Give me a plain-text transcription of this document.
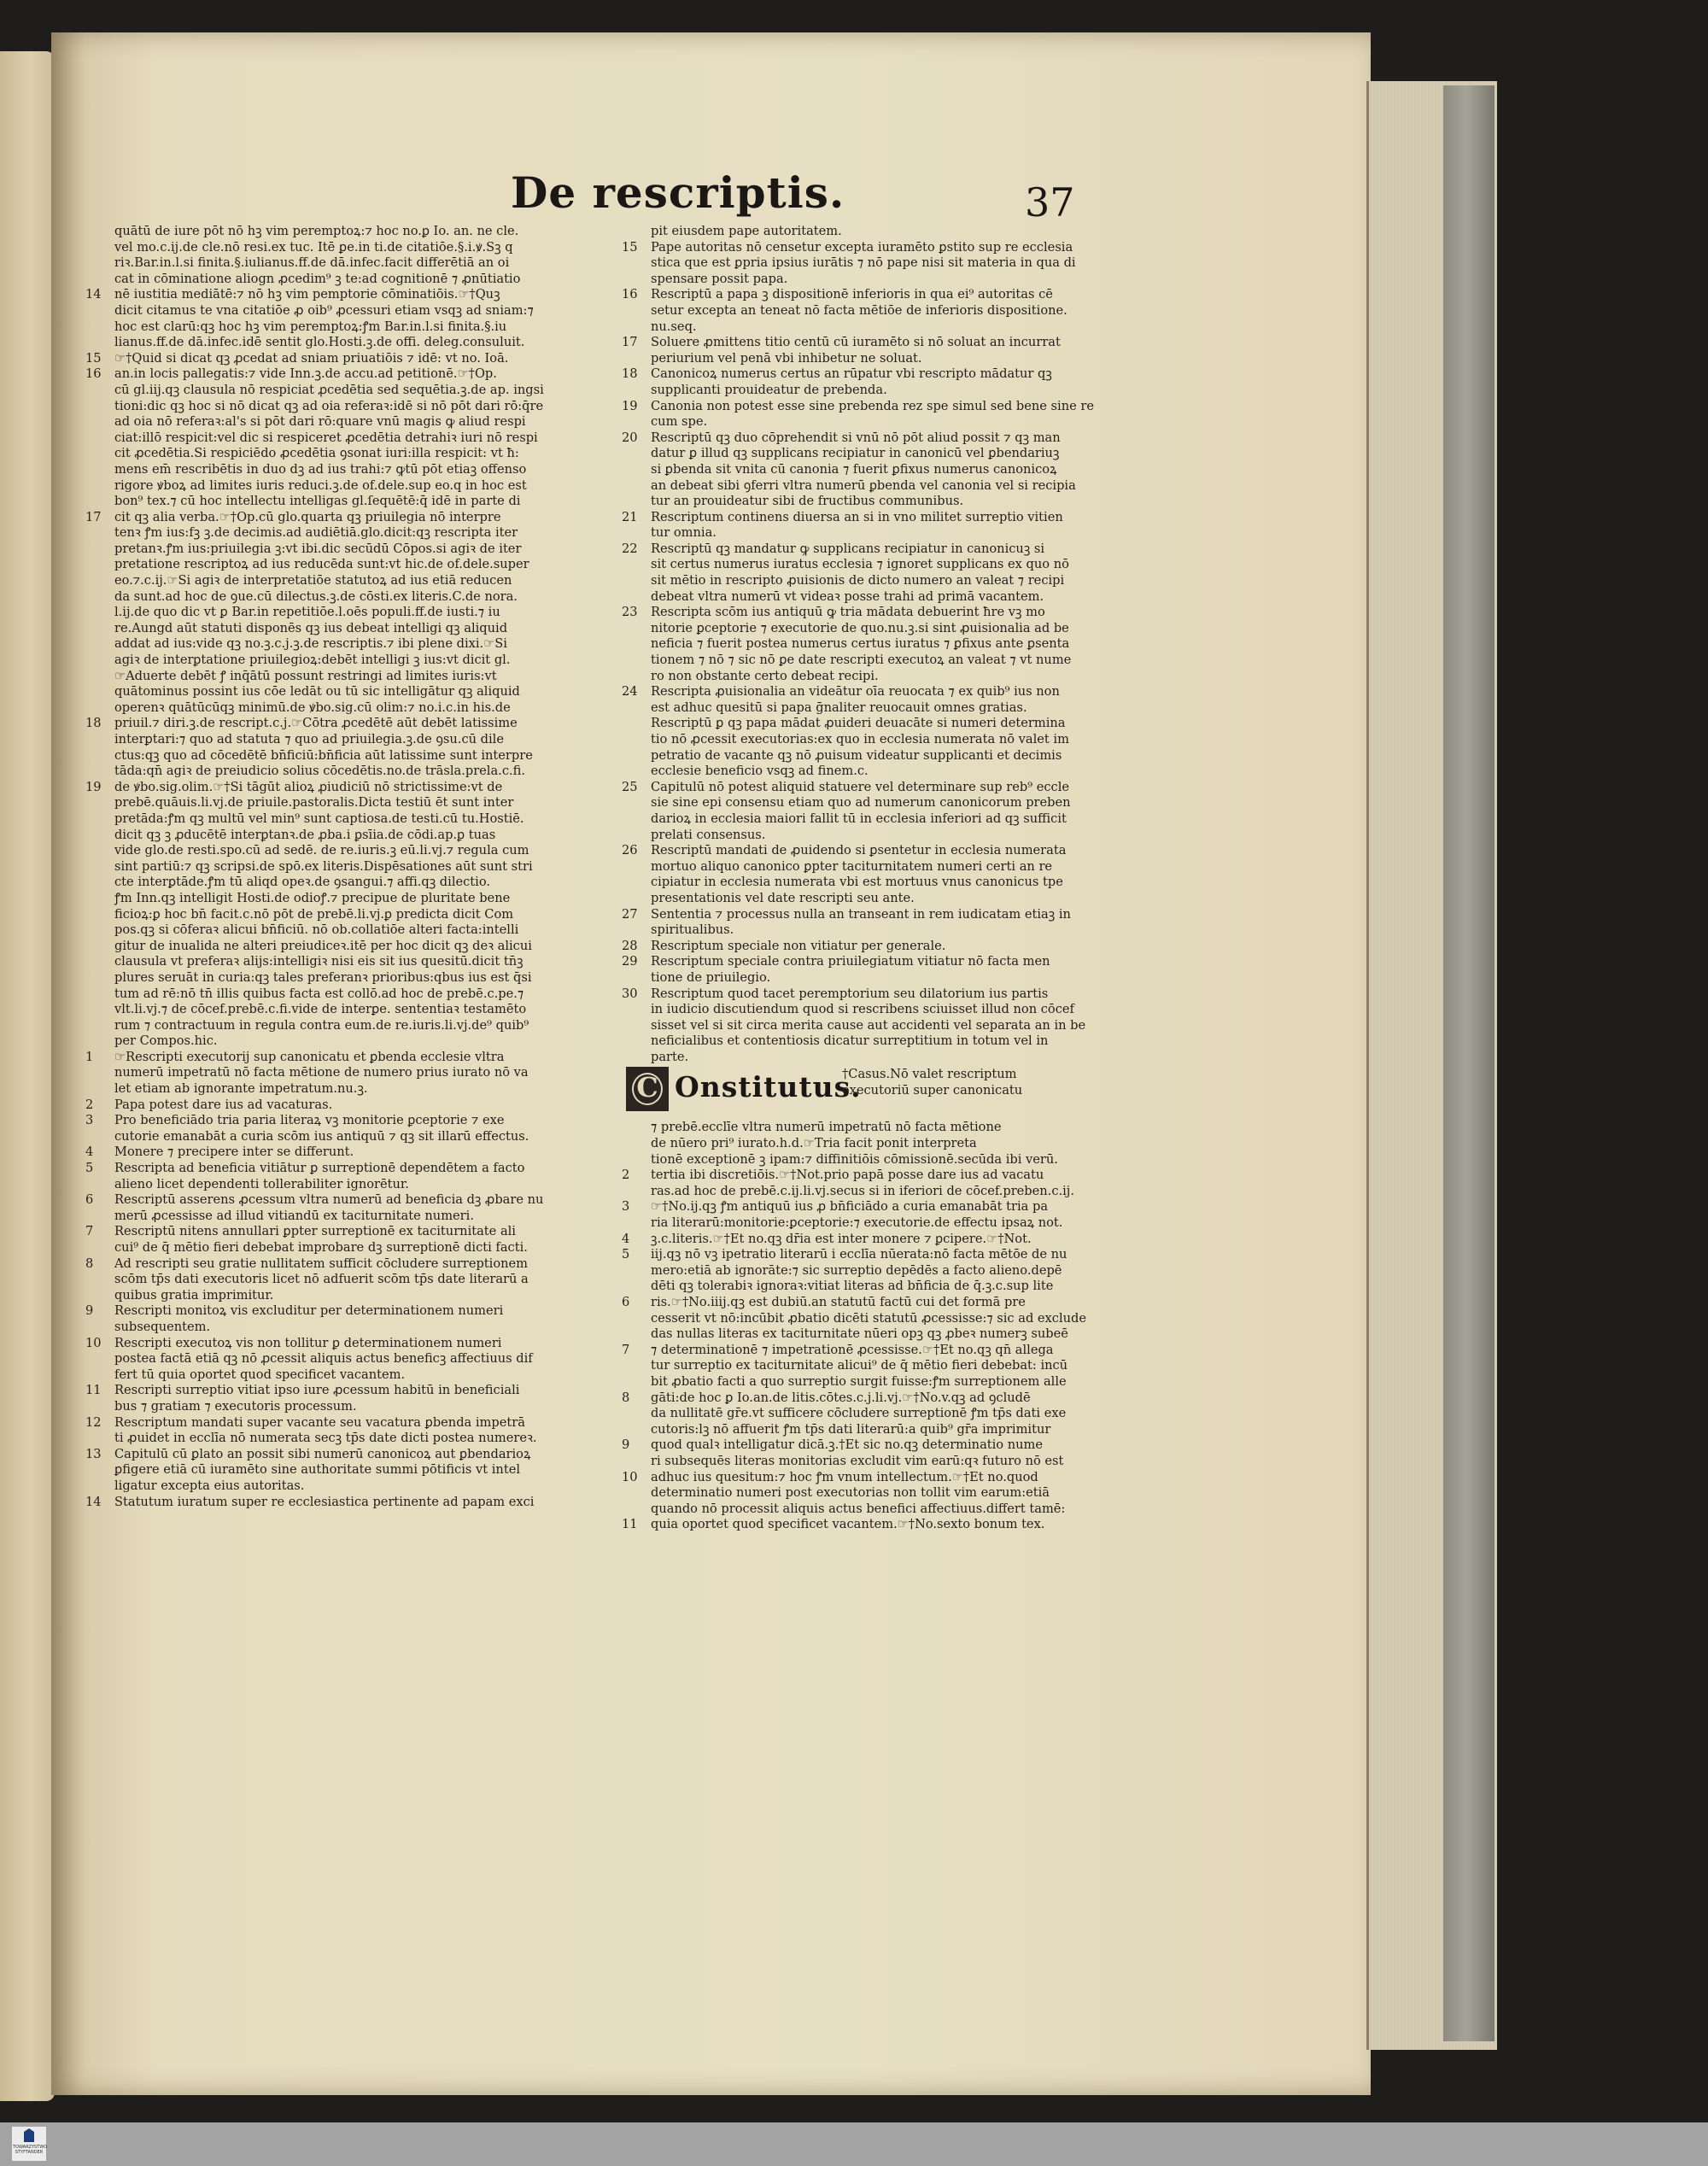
De rescriptis.	37
quātū de iure pōt nō hꝫ vim peremptoꝝ:⁊ hoc no.ꝑ Io. an. ne cle.
vel mo.c.ij.de cle.nō resi.ex tuc. Itē ꝑe.in ti.de citatiōe.§.i.ꝟ.Sꝫ q
riꝛ.Bar.in.l.si finita.§.iulianus.ff.de dā.infec.facit differētiā an oi
cat in cōminatione aliogn ꝓcedim⁹ ꝫ te:ad cognitionē ⁊ ꝓnūtiatio
14 nē iustitia mediātē:⁊ nō hꝫ vim pemptorie cōminatiōis.☞†Quꝫ
dicit citamus te vna citatiōe ꝓ oib⁹ ꝓcessuri etiam vsqꝫ ad sniam:⁊
hoc est clarū:qꝫ hoc hꝫ vim peremptoꝝ:ꝭm Bar.in.l.si finita.§.iu
lianus.ff.de dā.infec.idē sentit glo.Hosti.ꝫ.de offi. deleg.consuluit.
15 ☞†Quid si dicat qꝫ ꝓcedat ad sniam priuatiōis ⁊ idē: vt no. Ioā.
16 an.in locis pallegatis:⁊ vide Inn.ꝫ.de accu.ad petitionē.☞†Op.
cū gl.iij.qꝫ clausula nō respiciat ꝓcedētia sed sequētia.ꝫ.de ap. ingsi
tioni:dic qꝫ hoc si nō dicat qꝫ ad oia referaꝛ:idē si nō pōt dari rō:q̄re
ad oia nō referaꝛ:al's si pōt dari rō:quare vnū magis ꝙ aliud respi
ciat:illō respicit:vel dic si respiceret ꝓcedētia detrahiꝛ iuri nō respi
cit ꝓcedētia.Si respiciēdo ꝓcedētia ꝯsonat iuri:illa respicit: vt ħ:
mens em̄ rescribētis in duo dꝫ ad ius trahi:⁊ ꝙtū pōt etiaꝫ offenso
rigore ꝟboꝝ ad limites iuris reduci.ꝫ.de of.dele.sup eo.q in hoc est
bon⁹ tex.⁊ cū hoc intellectu intelligas gl.ſequētē:q̄ idē in parte di
17 cit qꝫ alia verba.☞†Op.cū glo.quarta qꝫ priuilegia nō interpre
tenꝛ ꝭm ius:fꝫ ꝫ.de decimis.ad audiētiā.glo.dicit:qꝫ rescripta iter
pretanꝛ.ꝭm ius:priuilegia ꝫ:vt ibi.dic secūdū Cōpos.si agiꝛ de iter
pretatione rescriptoꝝ ad ius reducēda sunt:vt hic.de of.dele.super
eo.⁊.c.ij.☞Si agiꝛ de interpretatiōe statutoꝝ ad ius etiā reducen
da sunt.ad hoc de ꝯue.cū dilectus.ꝫ.de cōsti.ex literis.C.de nora.
l.ij.de quo dic vt ꝑ Bar.in repetitiōe.l.oēs populi.ff.de iusti.⁊ iu
re.Aungd aūt statuti disponēs qꝫ ius debeat intelligi qꝫ aliquid
addat ad ius:vide qꝫ no.ꝫ.c.j.ꝫ.de rescriptis.⁊ ibi plene dixi.☞Si
agiꝛ de interꝑtatione priuilegioꝝ:debēt intelligi ꝫ ius:vt dicit gl.
☞Aduerte debēt ꝭ inq̄ātū possunt restringi ad limites iuris:vt
quātominus possint ius cōe ledāt ou tū sic intelligātur qꝫ aliquid
operenꝛ quātūcūqꝫ minimū.de ꝟbo.sig.cū olim:⁊ no.i.c.in his.de
18 priuil.⁊ diri.ꝫ.de rescript.c.j.☞Cōtra ꝓcedētē aūt debēt latissime
interꝑtari:⁊ quo ad statuta ⁊ quo ad priuilegia.ꝫ.de ꝯsu.cū dile
ctus:qꝫ quo ad cōcedētē bn̄ficiū:bn̄ficia aūt latissime sunt interpre
tāda:qn̄ agiꝛ de preiudicio solius cōcedētis.no.de trāsla.prela.c.fi.
19 de ꝟbo.sig.olim.☞†Si tāgūt alioꝝ ꝓiudiciū nō strictissime:vt de
prebē.quāuis.li.vj.de priuile.pastoralis.Dicta testiū ēt sunt inter
pretāda:ꝭm qꝫ multū vel min⁹ sunt captiosa.de testi.cū tu.Hostiē.
dicit qꝫ ꝫ ꝓducētē interꝑtanꝛ.de ꝓba.i ꝑsīia.de cōdi.ap.ꝑ tuas
vide glo.de resti.spo.cū ad sedē. de re.iuris.ꝫ eū.li.vj.⁊ regula cum
sint partiū:⁊ qꝫ scripsi.de spō.ex literis.Dispēsationes aūt sunt stri
cte interꝑtāde.ꝭm tū aliqd opeꝛ.de ꝯsangui.⁊ affi.qꝫ dilectio.
ꝭm Inn.qꝫ intelligit Hosti.de odioꝭ.⁊ precipue de pluritate bene
ficioꝝ:ꝑ hoc bn̄ facit.c.nō pōt de prebē.li.vj.ꝑ predicta dicit Com
pos.qꝫ si cōferaꝛ alicui bn̄ficiū. nō ob.collatiōe alteri facta:intelli
gitur de inualida ne alteri preiudiceꝛ.itē per hoc dicit qꝫ deꝛ alicui
clausula vt preferaꝛ alijs:intelligiꝛ nisi eis sit ius quesitū.dicit tn̄ꝫ
plures seruāt in curia:qꝫ tales preferanꝛ prioribus:qbus ius est q̄si
tum ad rē:nō tn̄ illis quibus facta est collō.ad hoc de prebē.c.pe.⁊
vlt.li.vj.⁊ de cōcef.prebē.c.fi.vide de interꝑe. sententiaꝛ testamēto
rum ⁊ contractuum in regula contra eum.de re.iuris.li.vj.de⁹ quib⁹
per Compos.hic.
1 ☞Rescripti executorij sup canonicatu et ꝑbenda ecclesie vltra
numerū impetratū nō facta mētione de numero prius iurato nō va
let etiam ab ignorante impetratum.nu.ꝫ.
2 Papa potest dare ius ad vacaturas.
3 Pro beneficiādo tria paria literaꝝ vꝫ monitorie ꝑceptorie ⁊ exe
cutorie emanabāt a curia scōm ius antiquū ⁊ qꝫ sit illarū effectus.
4 Monere ⁊ precipere inter se differunt.
5 Rescripta ad beneficia vitiātur ꝑ surreptionē dependētem a facto
alieno licet dependenti tollerabiliter ignorētur.
6 Rescriptū asserens ꝓcessum vltra numerū ad beneficia dꝫ ꝓbare nu
merū ꝓcessisse ad illud vitiandū ex taciturnitate numeri.
7 Rescriptū nitens annullari ꝑpter surreptionē ex taciturnitate ali
cui⁹ de q̄ mētio fieri debebat improbare dꝫ surreptionē dicti facti.
8 Ad rescripti seu gratie nullitatem sufficit cōcludere surreptionem
scōm tp̄s dati executoris licet nō adfuerit scōm tp̄s date literarū a
quibus gratia imprimitur.
9 Rescripti monitoꝝ vis excluditur per determinationem numeri
subsequentem.
10 Rescripti executoꝝ vis non tollitur ꝑ determinationem numeri
postea factā etiā qꝫ nō ꝓcessit aliquis actus beneficꝫ affectiuus dif
fert tū quia oportet quod specificet vacantem.
11 Rescripti surreptio vitiat ipso iure ꝓcessum habitū in beneficiali
bus ⁊ gratiam ⁊ executoris processum.
12 Rescriptum mandati super vacante seu vacatura ꝑbenda impetrā
ti ꝓuidet in ecclīa nō numerata secꝫ tp̄s date dicti postea numereꝛ.
13 Capitulū cū ꝑlato an possit sibi numerū canonicoꝝ aut ꝑbendarioꝝ
ꝑfigere etiā cū iuramēto sine authoritate summi pōtificis vt intel
ligatur excepta eius autoritas.
14 Statutum iuratum super re ecclesiastica pertinente ad papam exci
pit eiusdem pape autoritatem.
15 Pape autoritas nō censetur excepta iuramēto ꝑstito sup re ecclesia
stica que est ꝑpria ipsius iurātis ⁊ nō pape nisi sit materia in qua di
spensare possit papa.
16 Rescriptū a papa ꝫ dispositionē inferioris in qua ei⁹ autoritas cē
setur excepta an teneat nō facta mētiōe de inferioris dispositione.
nu.seq.
17 Soluere ꝓmittens titio centū cū iuramēto si nō soluat an incurrat
periurium vel penā vbi inhibetur ne soluat.
18 Canonicoꝝ numerus certus an rūpatur vbi rescripto mādatur qꝫ
supplicanti prouideatur de prebenda.
19 Canonia non potest esse sine prebenda rez spe simul sed bene sine re
cum spe.
20 Rescriptū qꝫ duo cōprehendit si vnū nō pōt aliud possit ⁊ qꝫ man
datur ꝑ illud qꝫ supplicans recipiatur in canonicū vel ꝑbendariuꝫ
si ꝑbenda sit vnita cū canonia ⁊ fuerit ꝑfixus numerus canonicoꝝ
an debeat sibi ꝯferri vltra numerū ꝑbenda vel canonia vel si recipia
tur an prouideatur sibi de fructibus communibus.
21 Rescriptum continens diuersa an si in vno militet surreptio vitien
tur omnia.
22 Rescriptū qꝫ mandatur ꝙ supplicans recipiatur in canonicuꝫ si
sit certus numerus iuratus ecclesia ⁊ ignoret supplicans ex quo nō
sit mētio in rescripto ꝓuisionis de dicto numero an valeat ⁊ recipi
debeat vltra numerū vt videaꝛ posse trahi ad primā vacantem.
23 Rescripta scōm ius antiquū ꝙ tria mādata debuerint ħre vꝫ mo
nitorie ꝑceptorie ⁊ executorie de quo.nu.ꝫ.si sint ꝓuisionalia ad be
neficia ⁊ fuerit postea numerus certus iuratus ⁊ ꝑfixus ante ꝑsenta
tionem ⁊ nō ⁊ sic nō ꝑe date rescripti executoꝝ an valeat ⁊ vt nume
ro non obstante certo debeat recipi.
24 Rescripta ꝓuisionalia an videātur oīa reuocata ⁊ ex quib⁹ ius non
est adhuc quesitū si papa ḡnaliter reuocauit omnes gratias.
Rescriptū ꝑ qꝫ papa mādat ꝓuideri deuacāte si numeri determina
tio nō ꝓcessit executorias:ex quo in ecclesia numerata nō valet im
petratio de vacante qꝫ nō ꝓuisum videatur supplicanti et decimis
ecclesie beneficio vsqꝫ ad finem.c.
25 Capitulū nō potest aliquid statuere vel determinare sup reb⁹ eccle
sie sine epi consensu etiam quo ad numerum canonicorum preben
darioꝝ in ecclesia maiori fallit tū in ecclesia inferiori ad qꝫ sufficit
prelati consensus.
26 Rescriptū mandati de ꝓuidendo si ꝑsentetur in ecclesia numerata
mortuo aliquo canonico ꝑpter taciturnitatem numeri certi an re
cipiatur in ecclesia numerata vbi est mortuus vnus canonicus tpe
presentationis vel date rescripti seu ante.
27 Sententia ⁊ processus nulla an transeant in rem iudicatam etiaꝫ in
spiritualibus.
28 Rescriptum speciale non vitiatur per generale.
29 Rescriptum speciale contra priuilegiatum vitiatur nō facta men
tione de priuilegio.
30 Rescriptum quod tacet peremptorium seu dilatorium ius partis
in iudicio discutiendum quod si rescribens sciuisset illud non cōcef
sisset vel si sit circa merita cause aut accidenti vel separata an in be
neficialibus et contentiosis dicatur surreptitium in totum vel in
parte.
C Onstitutus.
†Casus.Nō valet rescriptum
executoriū super canonicatu
⁊ prebē.ecclīe vltra numerū impetratū nō facta mētione
de nūero pri⁹ iurato.h.d.☞Tria facit ponit interpreta
tionē exceptionē ꝫ ipam:⁊ diffinitiōis cōmissionē.secūda ibi verū.
2 tertia ibi discretiōis.☞†Not.prio papā posse dare ius ad vacatu
ras.ad hoc de prebē.c.ij.li.vj.secus si in iferiori de cōcef.preben.c.ij.
3 ☞†No.ij.qꝫ ꝭm antiquū ius ꝓ bn̄ficiādo a curia emanabāt tria pa
ria literarū:monitorie:ꝑceptorie:⁊ executorie.de effectu ipsaꝝ not.
4 ꝫ.c.literis.☞†Et no.qꝫ dr̄ia est inter monere ⁊ ꝑcipere.☞†Not.
5 iij.qꝫ nō vꝫ ipetratio literarū i ecclīa nūerata:nō facta mētōe de nu
mero:etiā ab ignorāte:⁊ sic surreptio depēdēs a facto alieno.depē
dēti qꝫ tolerabiꝛ ignoraꝛ:vitiat literas ad bn̄ficia de q̄.ꝫ.c.sup lite
6 ris.☞†No.iiij.qꝫ est dubiū.an statutū factū cui det formā pre
cesserit vt nō:incūbit ꝓbatio dicēti statutū ꝓcessisse:⁊ sic ad exclude
das nullas literas ex taciturnitate nūeri opꝫ qꝫ ꝓbeꝛ numerꝫ subeē
7 ⁊ determinationē ⁊ impetrationē ꝓcessisse.☞†Et no.qꝫ qn̄ allega
tur surreptio ex taciturnitate alicui⁹ de q̄ mētio fieri debebat: incū
bit ꝓbatio facti a quo surreptio surgit fuisse:ꝭm surreptionem alle
8 gāti:de hoc ꝑ Io.an.de litis.cōtes.c.j.li.vj.☞†No.v.qꝫ ad ꝯcludē
da nullitatē gr̄e.vt sufficere cōcludere surreptionē ꝭm tp̄s dati exe
cutoris:lꝫ nō affuerit ꝭm tp̄s dati literarū:a quib⁹ gr̄a imprimitur
9 quod qualꝛ intelligatur dicā.ꝫ.†Et sic no.qꝫ determinatio nume
ri subsequēs literas monitorias excludit vim earū:qꝛ futuro nō est
10 adhuc ius quesitum:⁊ hoc ꝭm vnum intellectum.☞†Et no.quod
determinatio numeri post executorias non tollit vim earum:etiā
quando nō processit aliquis actus benefici affectiuus.differt tamē:
11 quia oportet quod specificet vacantem.☞†No.sexto bonum tex.
TOWARZYSTWO
STYFTANDER
